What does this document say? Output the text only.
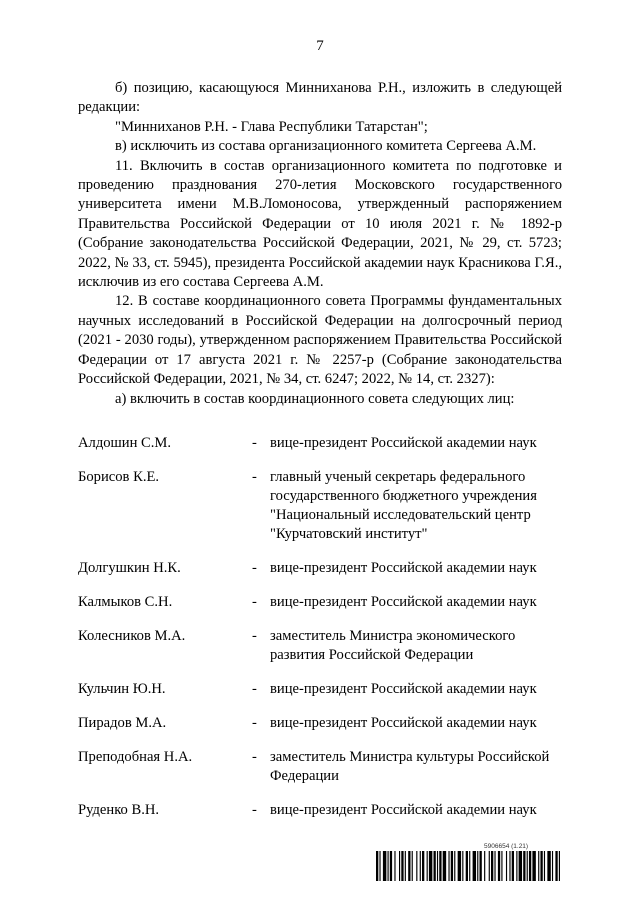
7

б) позицию, касающуюся Минниханова Р.Н., изложить в следующей редакции:

"Минниханов Р.Н. - Глава Республики Татарстан";

в) исключить из состава организационного комитета Сергеева А.М.

11. Включить в состав организационного комитета по подготовке и проведению празднования 270-летия Московского государственного университета имени М.В.Ломоносова, утвержденный распоряжением Правительства Российской Федерации от 10 июля 2021 г. № 1892-р (Собрание законодательства Российской Федерации, 2021, № 29, ст. 5723; 2022, № 33, ст. 5945), президента Российской академии наук Красникова Г.Я., исключив из его состава Сергеева А.М.

12. В составе координационного совета Программы фундаментальных научных исследований в Российской Федерации на долгосрочный период (2021 - 2030 годы), утвержденном распоряжением Правительства Российской Федерации от 17 августа 2021 г. № 2257-р (Собрание законодательства Российской Федерации, 2021, № 34, ст. 6247; 2022, № 14, ст. 2327):

а) включить в состав координационного совета следующих лиц:

Алдошин С.М.	- вице-президент Российской академии наук
Борисов К.Е.	- главный ученый секретарь федерального государственного бюджетного учреждения "Национальный исследовательский центр "Курчатовский институт"
Долгушкин Н.К.	- вице-президент Российской академии наук
Калмыков С.Н.	- вице-президент Российской академии наук
Колесников М.А.	- заместитель Министра экономического развития Российской Федерации
Кульчин Ю.Н.	- вице-президент Российской академии наук
Пирадов М.А.	- вице-президент Российской академии наук
Преподобная Н.А.	- заместитель Министра культуры Российской Федерации
Руденко В.Н.	- вице-президент Российской академии наук
5906654 (1.21)
